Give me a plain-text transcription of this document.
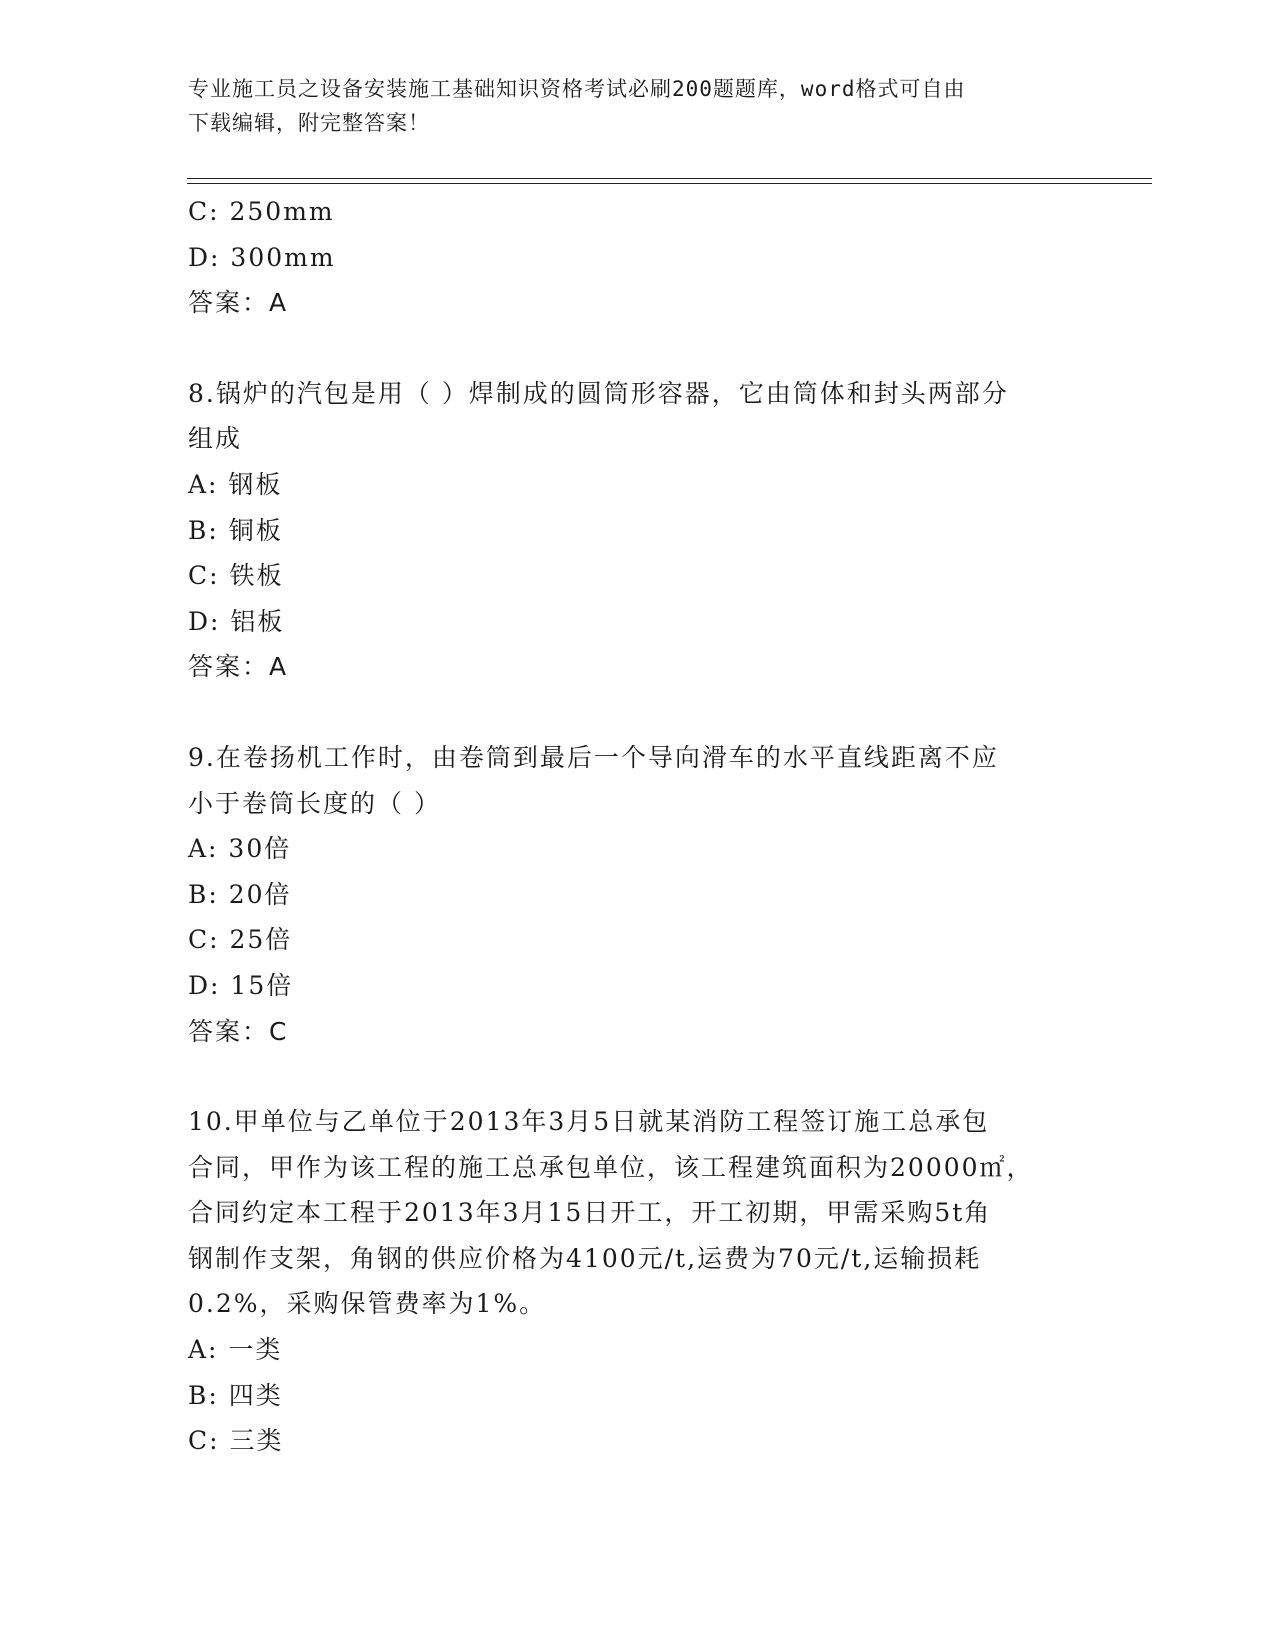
专业施工员之设备安装施工基础知识资格考试必刷200题题库，word格式可自由
下载编辑，附完整答案！
C: 250mm
D: 300mm
答案：A
8.锅炉的汽包是用（ ）焊制成的圆筒形容器，它由筒体和封头两部分
组成
A: 钢板
B: 铜板
C: 铁板
D: 铝板
答案：A
9.在卷扬机工作时，由卷筒到最后一个导向滑车的水平直线距离不应
小于卷筒长度的（ ）
A: 30倍
B: 20倍
C: 25倍
D: 15倍
答案：C
10.甲单位与乙单位于2013年3月5日就某消防工程签订施工总承包
合同，甲作为该工程的施工总承包单位，该工程建筑面积为20000㎡，
合同约定本工程于2013年3月15日开工，开工初期，甲需采购5t角
钢制作支架，角钢的供应价格为4100元/t,运费为70元/t,运输损耗
0.2%，采购保管费率为1%。
A: 一类
B: 四类
C: 三类
